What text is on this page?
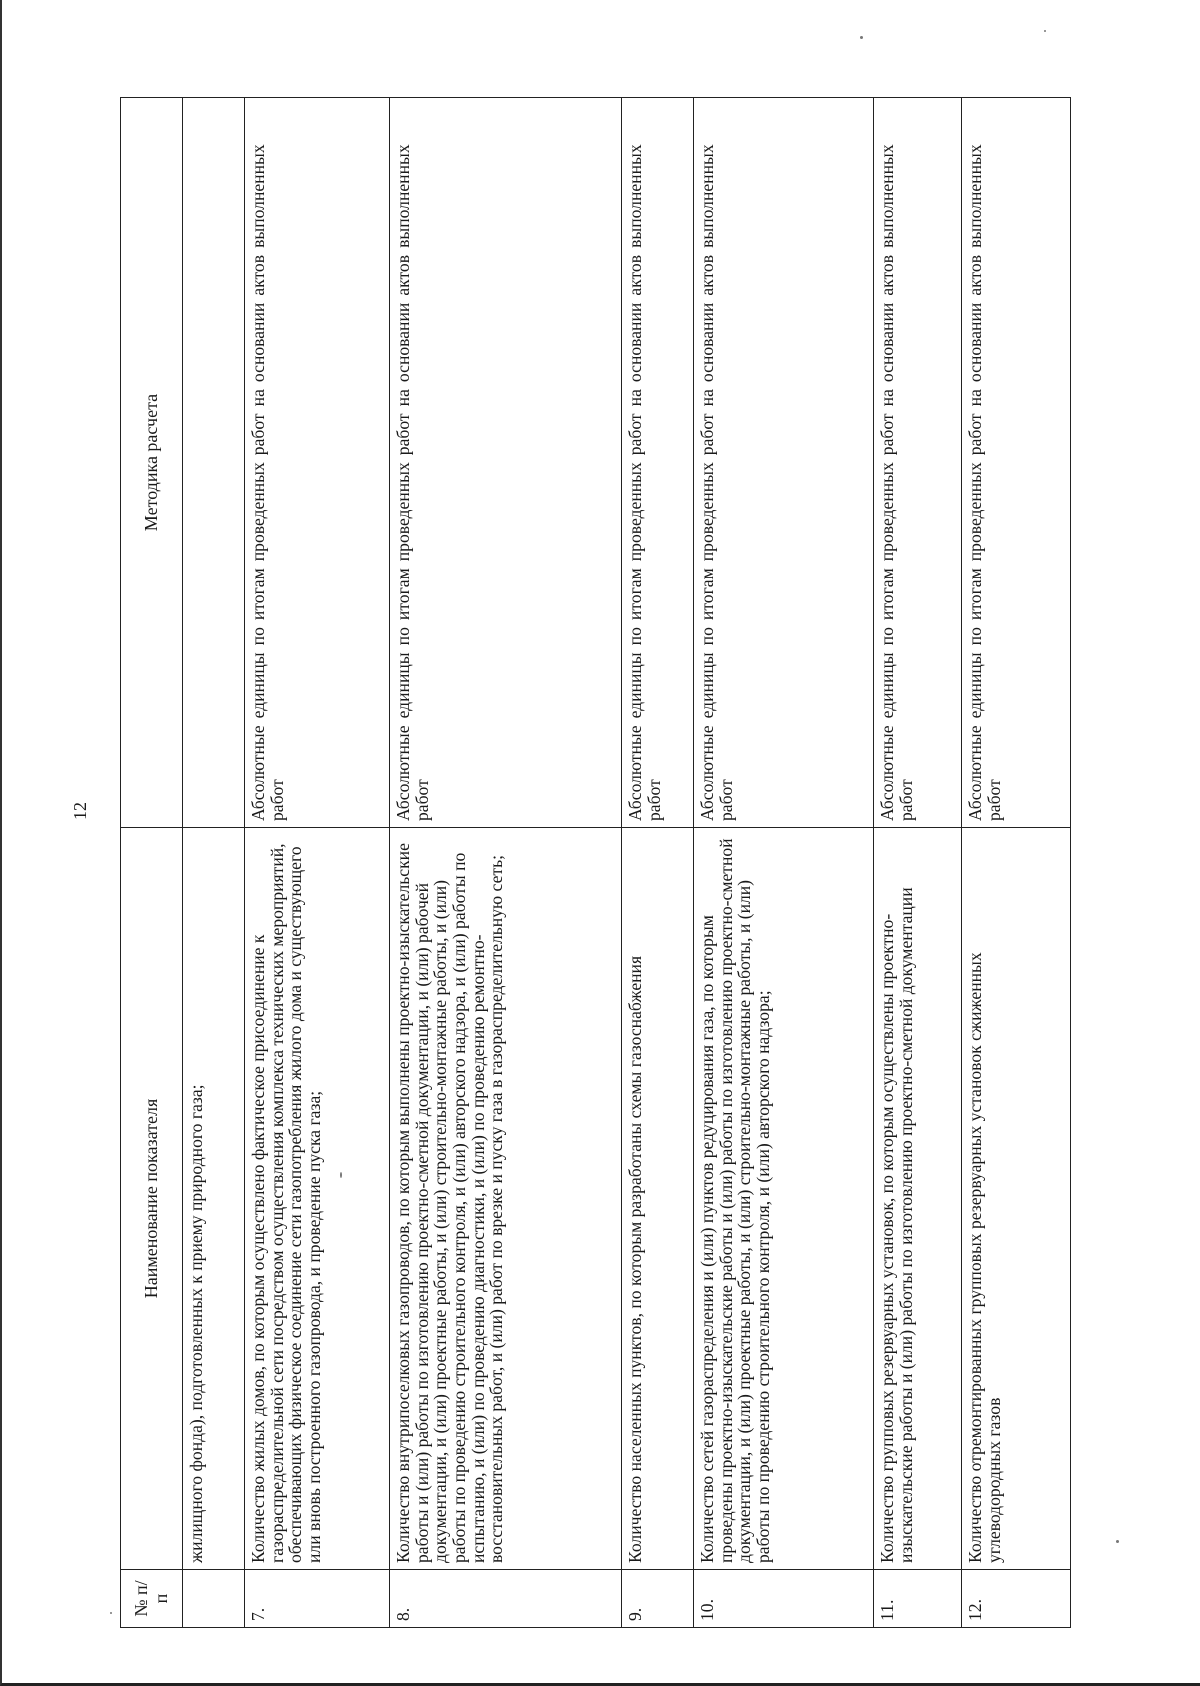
12
№ п/п	Наименование показателя	Методика расчета
	жилищного фонда), подготовленных к приему природного газа;	
7.	Количество жилых домов, по которым осуществлено фактическое присоединение к газораспределительной сети посредством осуществления комплекса технических мероприятий, обеспечивающих физическое соединение сети газопотребления жилого дома и существующего или вновь построенного газопровода, и проведение пуска газа;	Абсолютные единицы по итогам проведенных работ на основании актов выполненных работ
8.	Количество внутрипоселковых газопроводов, по которым выполнены проектно-изыскательские работы и (или) работы по изготовлению проектно-сметной документации, и (или) рабочей документации, и (или) проектные работы, и (или) строительно-монтажные работы, и (или) работы по проведению строительного контроля, и (или) авторского надзора, и (или) работы по испытанию, и (или) по проведению диагностики, и (или) по проведению ремонтно-восстановительных работ, и (или) работ по врезке и пуску газа в газораспределительную сеть;	Абсолютные единицы по итогам проведенных работ на основании актов выполненных работ
9.	Количество населенных пунктов, по которым разработаны схемы газоснабжения	Абсолютные единицы по итогам проведенных работ на основании актов выполненных работ
10.	Количество сетей газораспределения и (или) пунктов редуцирования газа, по которым проведены проектно-изыскательские работы и (или) работы по изготовлению проектно-сметной документации, и (или) проектные работы, и (или) строительно-монтажные работы, и (или) работы по проведению строительного контроля, и (или) авторского надзора;	Абсолютные единицы по итогам проведенных работ на основании актов выполненных работ
11.	Количество групповых резервуарных установок, по которым осуществлены проектно-изыскательские работы и (или) работы по изготовлению проектно-сметной документации	Абсолютные единицы по итогам проведенных работ на основании актов выполненных работ
12.	Количество отремонтированных групповых резервуарных установок сжиженных углеводородных газов	Абсолютные единицы по итогам проведенных работ на основании актов выполненных работ
